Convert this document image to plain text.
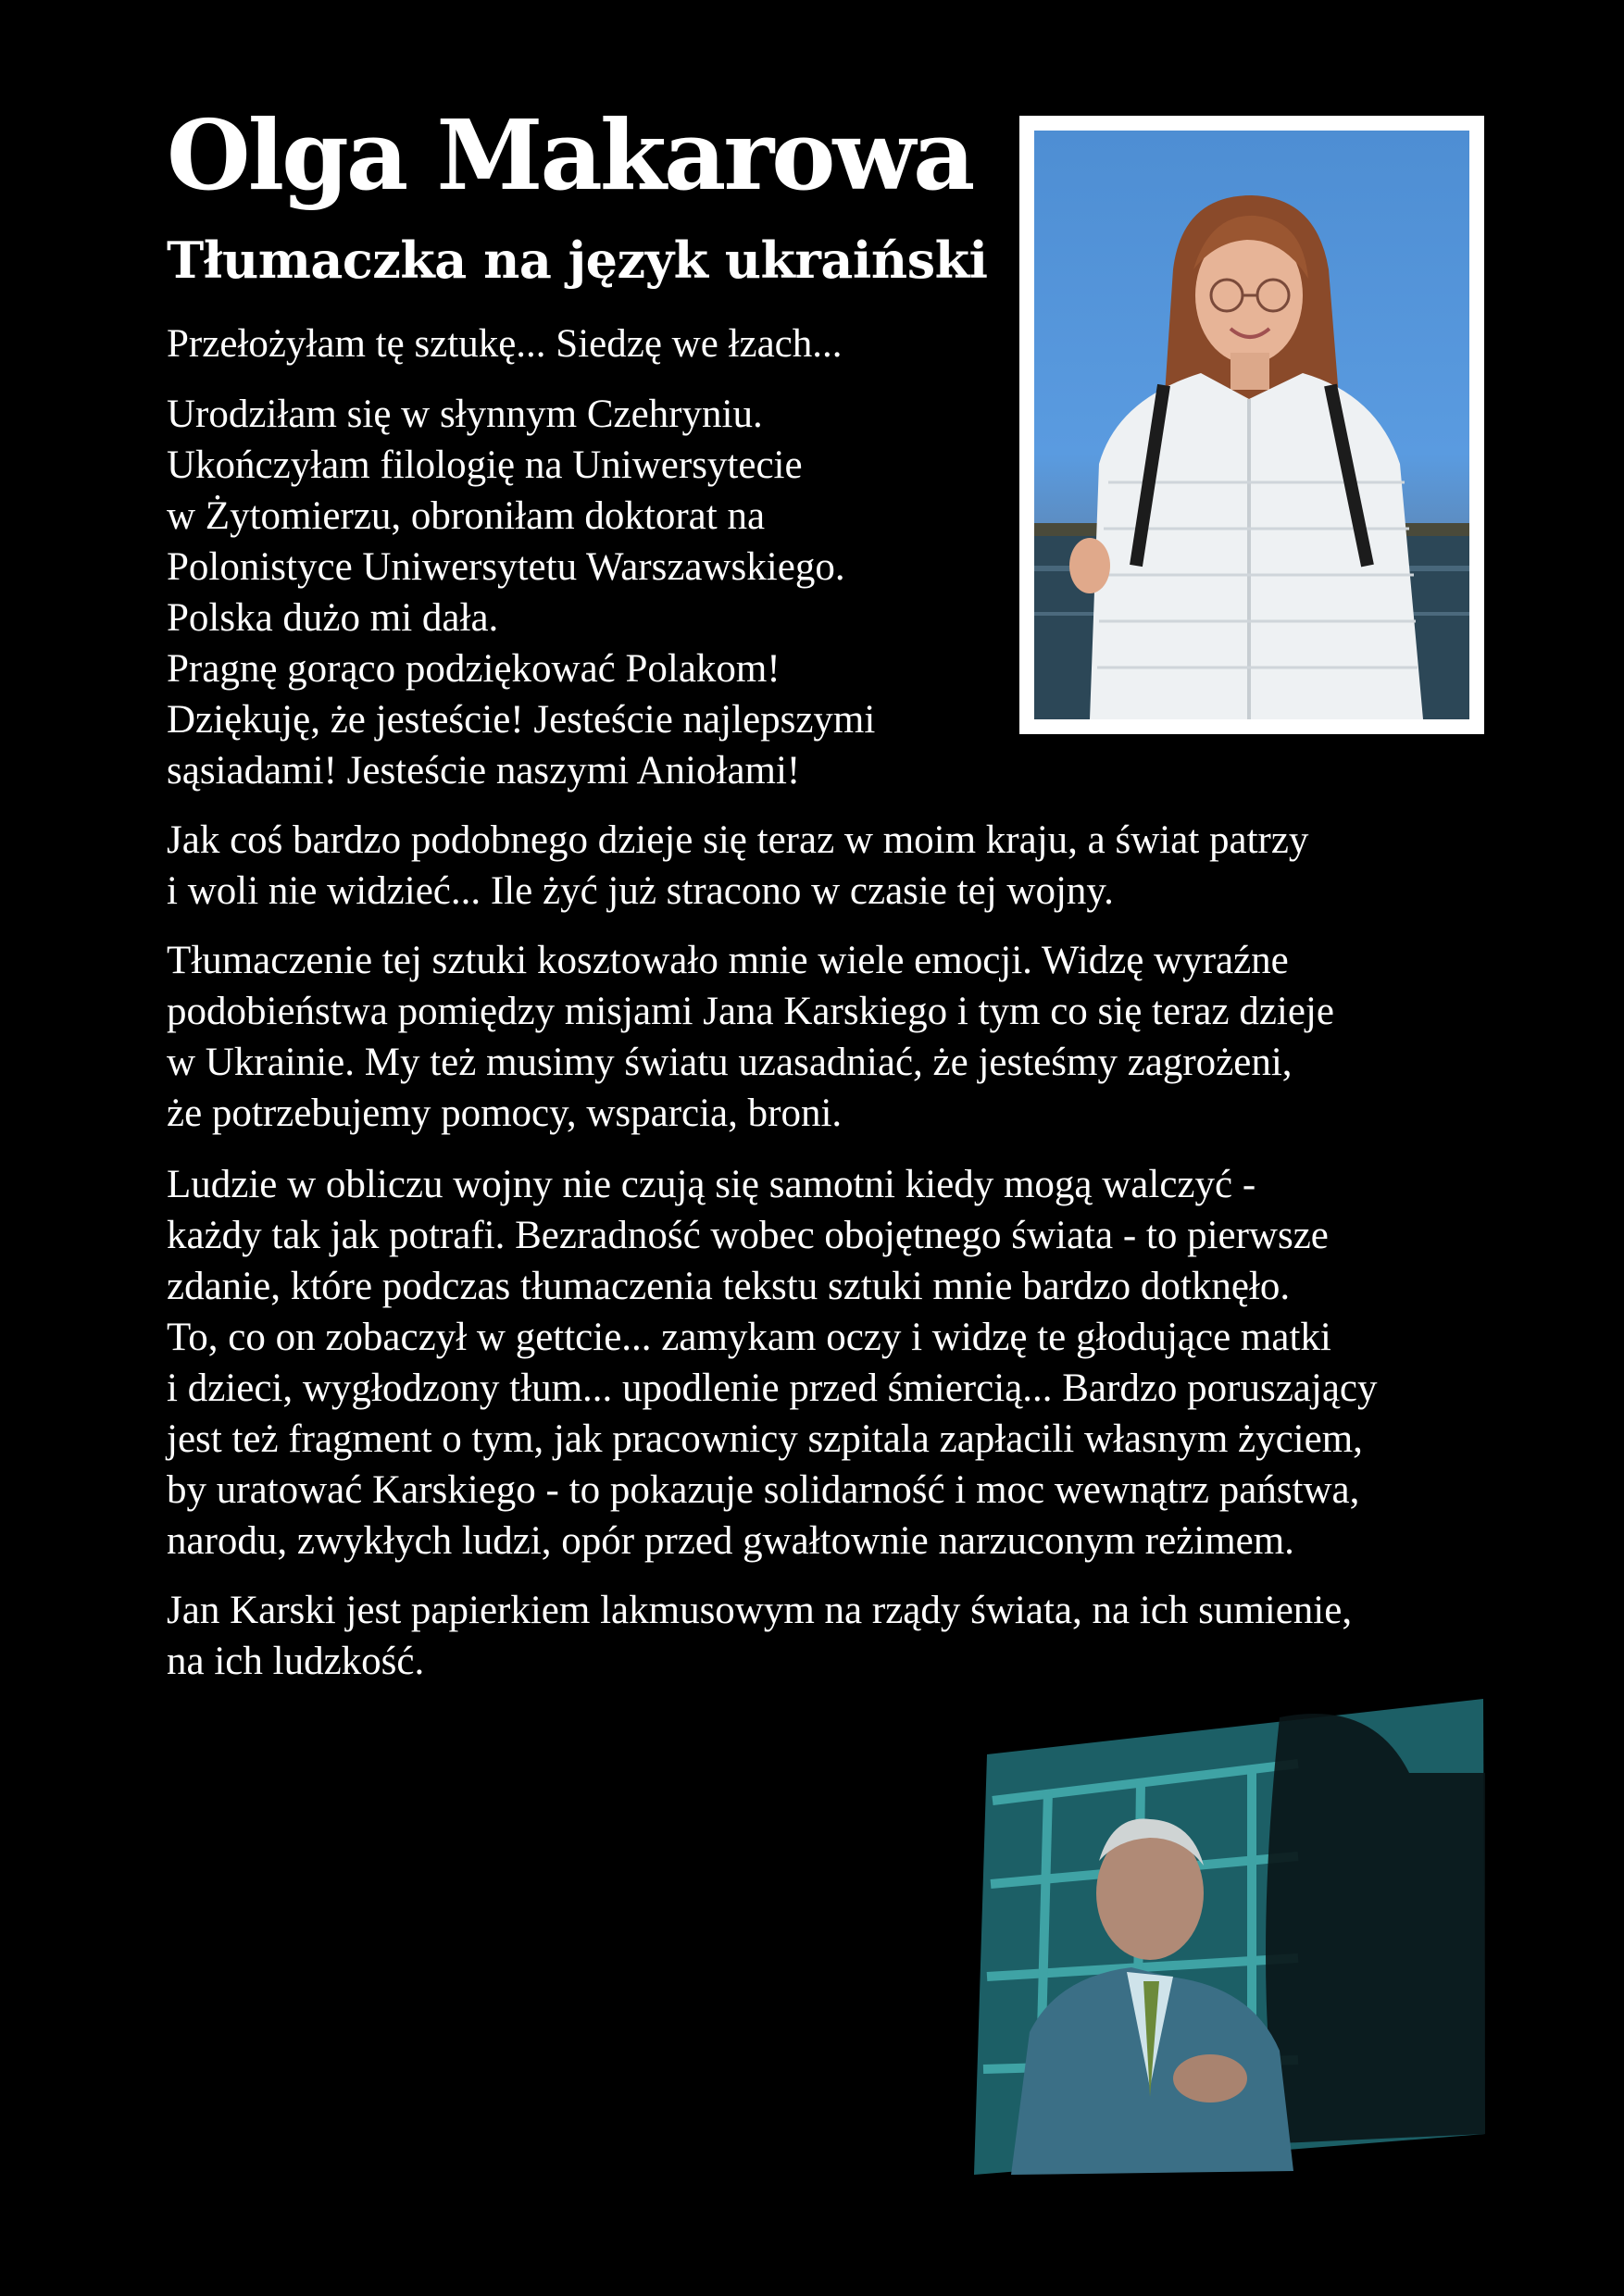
Olga Makarowa
Tłumaczka na język ukraiński

Przełożyłam tę sztukę... Siedzę we łzach...

Urodziłam się w słynnym Czehryniu.
Ukończyłam filologię na Uniwersytecie
w Żytomierzu, obroniłam doktorat na
Polonistyce Uniwersytetu Warszawskiego.
Polska dużo mi dała.
Pragnę gorąco podziękować Polakom!
Dziękuję, że jesteście! Jesteście najlepszymi
sąsiadami! Jesteście naszymi Aniołami!

Jak coś bardzo podobnego dzieje się teraz w moim kraju, a świat patrzy
i woli nie widzieć... Ile żyć już stracono w czasie tej wojny.

Tłumaczenie tej sztuki kosztowało mnie wiele emocji. Widzę wyraźne
podobieństwa pomiędzy misjami Jana Karskiego i tym co się teraz dzieje
w Ukrainie. My też musimy światu uzasadniać, że jesteśmy zagrożeni,
że potrzebujemy pomocy, wsparcia, broni.

Ludzie w obliczu wojny nie czują się samotni kiedy mogą walczyć -
każdy tak jak potrafi. Bezradność wobec obojętnego świata - to pierwsze
zdanie, które podczas tłumaczenia tekstu sztuki mnie bardzo dotknęło.
To, co on zobaczył w gettcie... zamykam oczy i widzę te głodujące matki
i dzieci, wygłodzony tłum... upodlenie przed śmiercią... Bardzo poruszający
jest też fragment o tym, jak pracownicy szpitala zapłacili własnym życiem,
by uratować Karskiego - to pokazuje solidarność i moc wewnątrz państwa,
narodu, zwykłych ludzi, opór przed gwałtownie narzuconym reżimem.

Jan Karski jest papierkiem lakmusowym na rządy świata, na ich sumienie,
na ich ludzkość.
